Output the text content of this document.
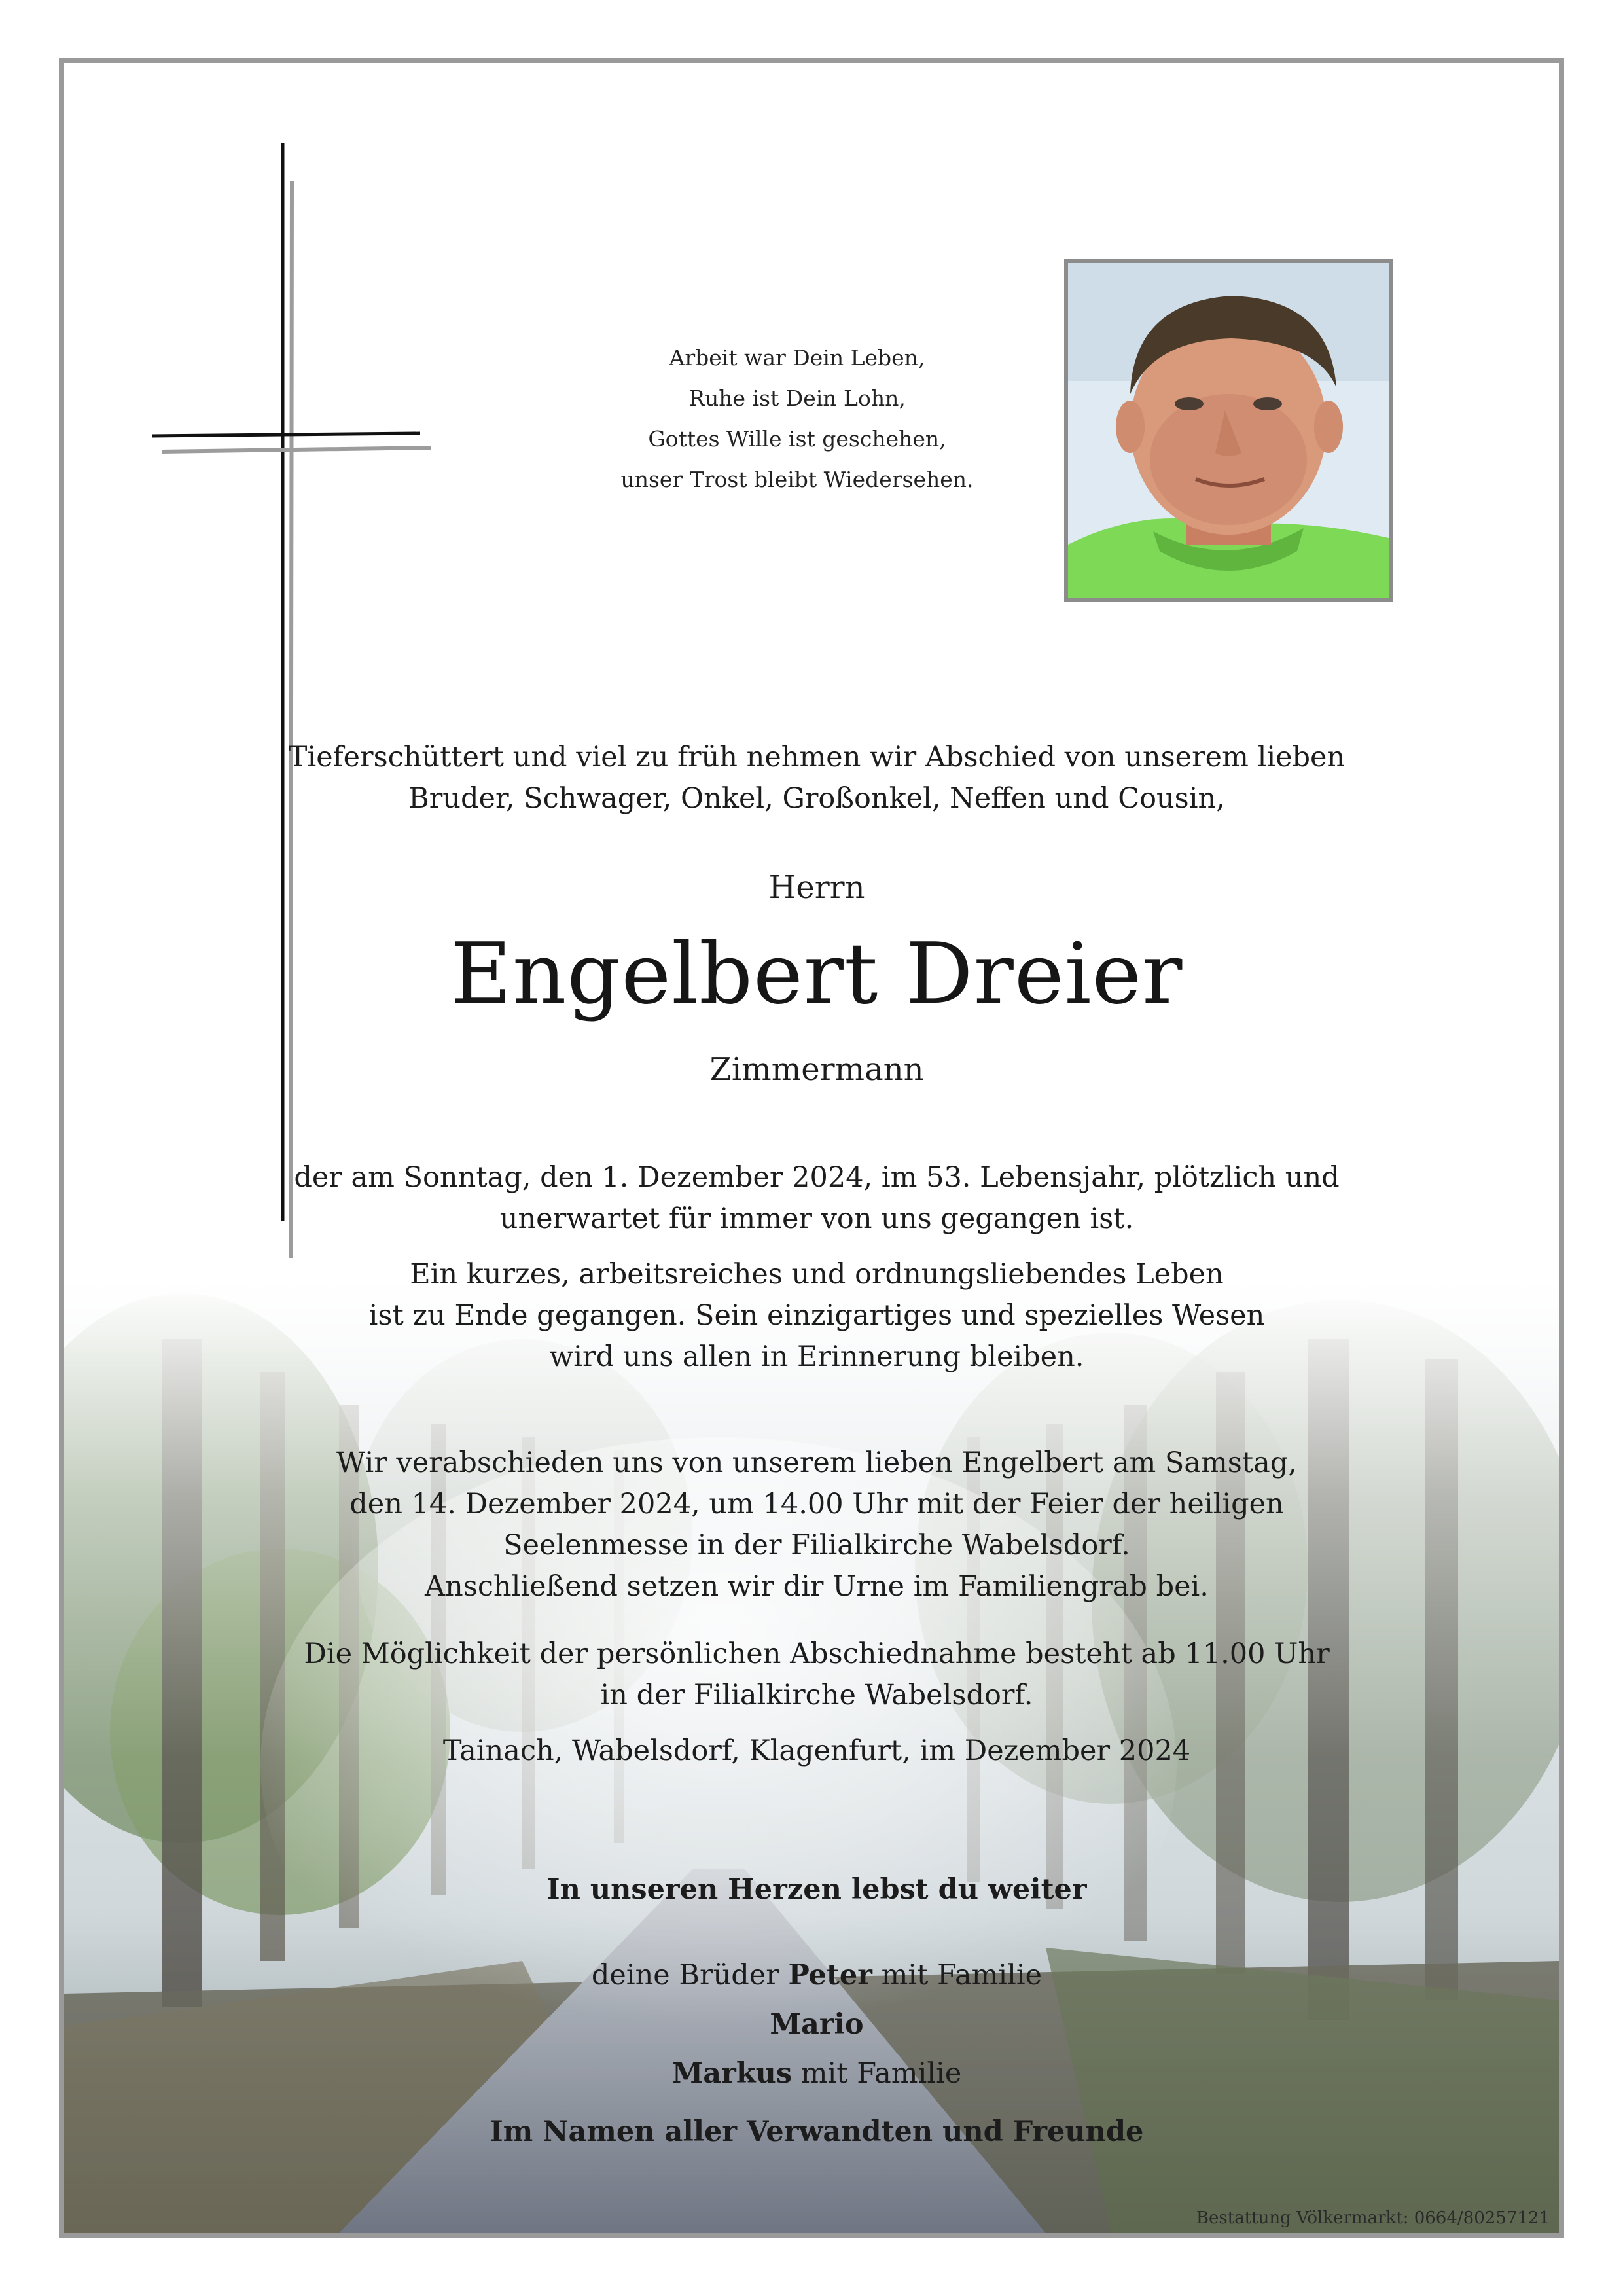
Arbeit war Dein Leben,
Ruhe ist Dein Lohn,
Gottes Wille ist geschehen,
unser Trost bleibt Wiedersehen.
Tieferschüttert und viel zu früh nehmen wir Abschied von unserem lieben
Bruder, Schwager, Onkel, Großonkel, Neffen und Cousin,
Herrn
Engelbert Dreier
Zimmermann
der am Sonntag, den 1. Dezember 2024, im 53. Lebensjahr, plötzlich und
unerwartet für immer von uns gegangen ist.
Ein kurzes, arbeitsreiches und ordnungsliebendes Leben
ist zu Ende gegangen. Sein einzigartiges und spezielles Wesen
wird uns allen in Erinnerung bleiben.
Wir verabschieden uns von unserem lieben Engelbert am Samstag,
den 14. Dezember 2024, um 14.00 Uhr mit der Feier der heiligen
Seelenmesse in der Filialkirche Wabelsdorf.
Anschließend setzen wir dir Urne im Familiengrab bei.
Die Möglichkeit der persönlichen Abschiednahme besteht ab 11.00 Uhr
in der Filialkirche Wabelsdorf.
Tainach, Wabelsdorf, Klagenfurt, im Dezember 2024
In unseren Herzen lebst du weiter
deine Brüder Peter mit Familie
Mario
Markus mit Familie
Im Namen aller Verwandten und Freunde
Bestattung Völkermarkt: 0664/80257121
